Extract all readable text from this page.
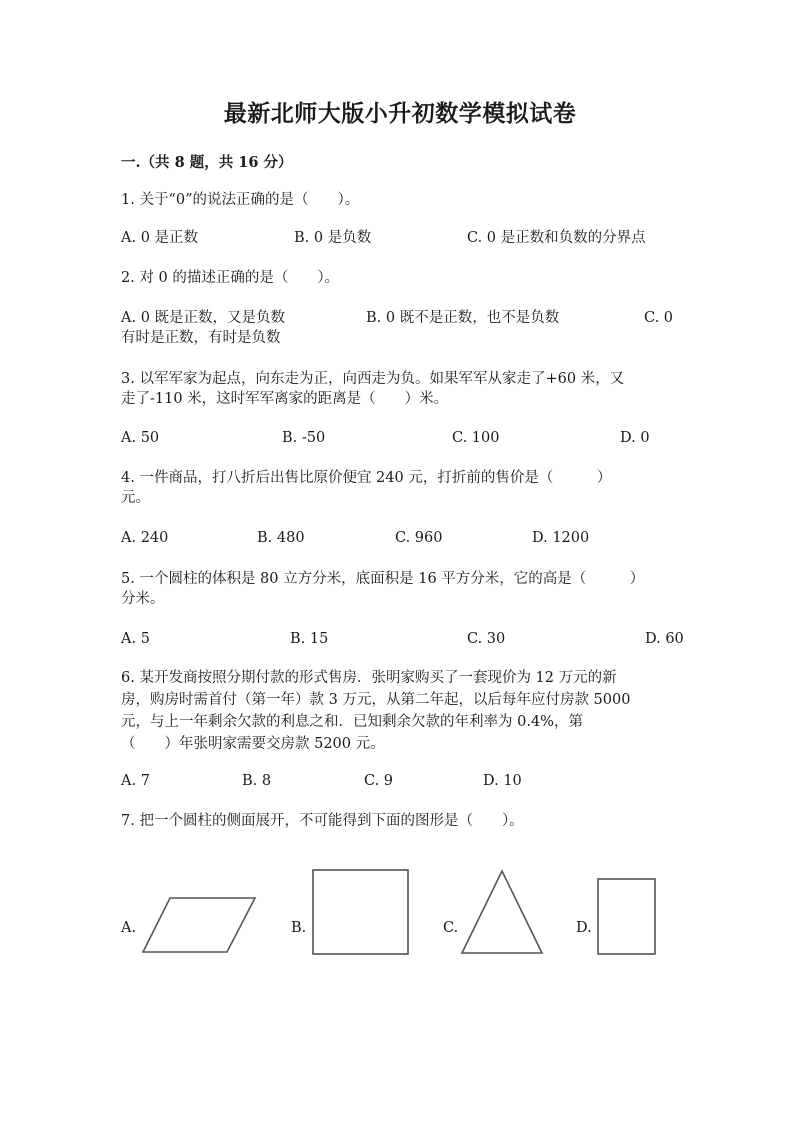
最新北师大版小升初数学模拟试卷
一.（共 8 题，共 16 分）
1. 关于“0”的说法正确的是（　　）。
A. 0 是正数	B. 0 是负数	C. 0 是正数和负数的分界点
2. 对 0 的描述正确的是（　　）。
A. 0 既是正数，又是负数	B. 0 既不是正数，也不是负数	C. 0
有时是正数，有时是负数
3. 以军军家为起点，向东走为正，向西走为负。如果军军从家走了+60 米，又
走了-110 米，这时军军离家的距离是（　　）米。
A. 50	B. -50	C. 100	D. 0
4. 一件商品，打八折后出售比原价便宜 240 元，打折前的售价是（　　　）
元。
A. 240	B. 480	C. 960	D. 1200
5. 一个圆柱的体积是 80 立方分米，底面积是 16 平方分米，它的高是（　　　）
分米。
A. 5	B. 15	C. 30	D. 60
6. 某开发商按照分期付款的形式售房．张明家购买了一套现价为 12 万元的新
房，购房时需首付（第一年）款 3 万元，从第二年起，以后每年应付房款 5000
元，与上一年剩余欠款的利息之和．已知剩余欠款的年利率为 0.4%，第
（　　）年张明家需要交房款 5200 元。
A. 7	B. 8	C. 9	D. 10
7. 把一个圆柱的侧面展开，不可能得到下面的图形是（　　）。
A.	B.	C.	D.
